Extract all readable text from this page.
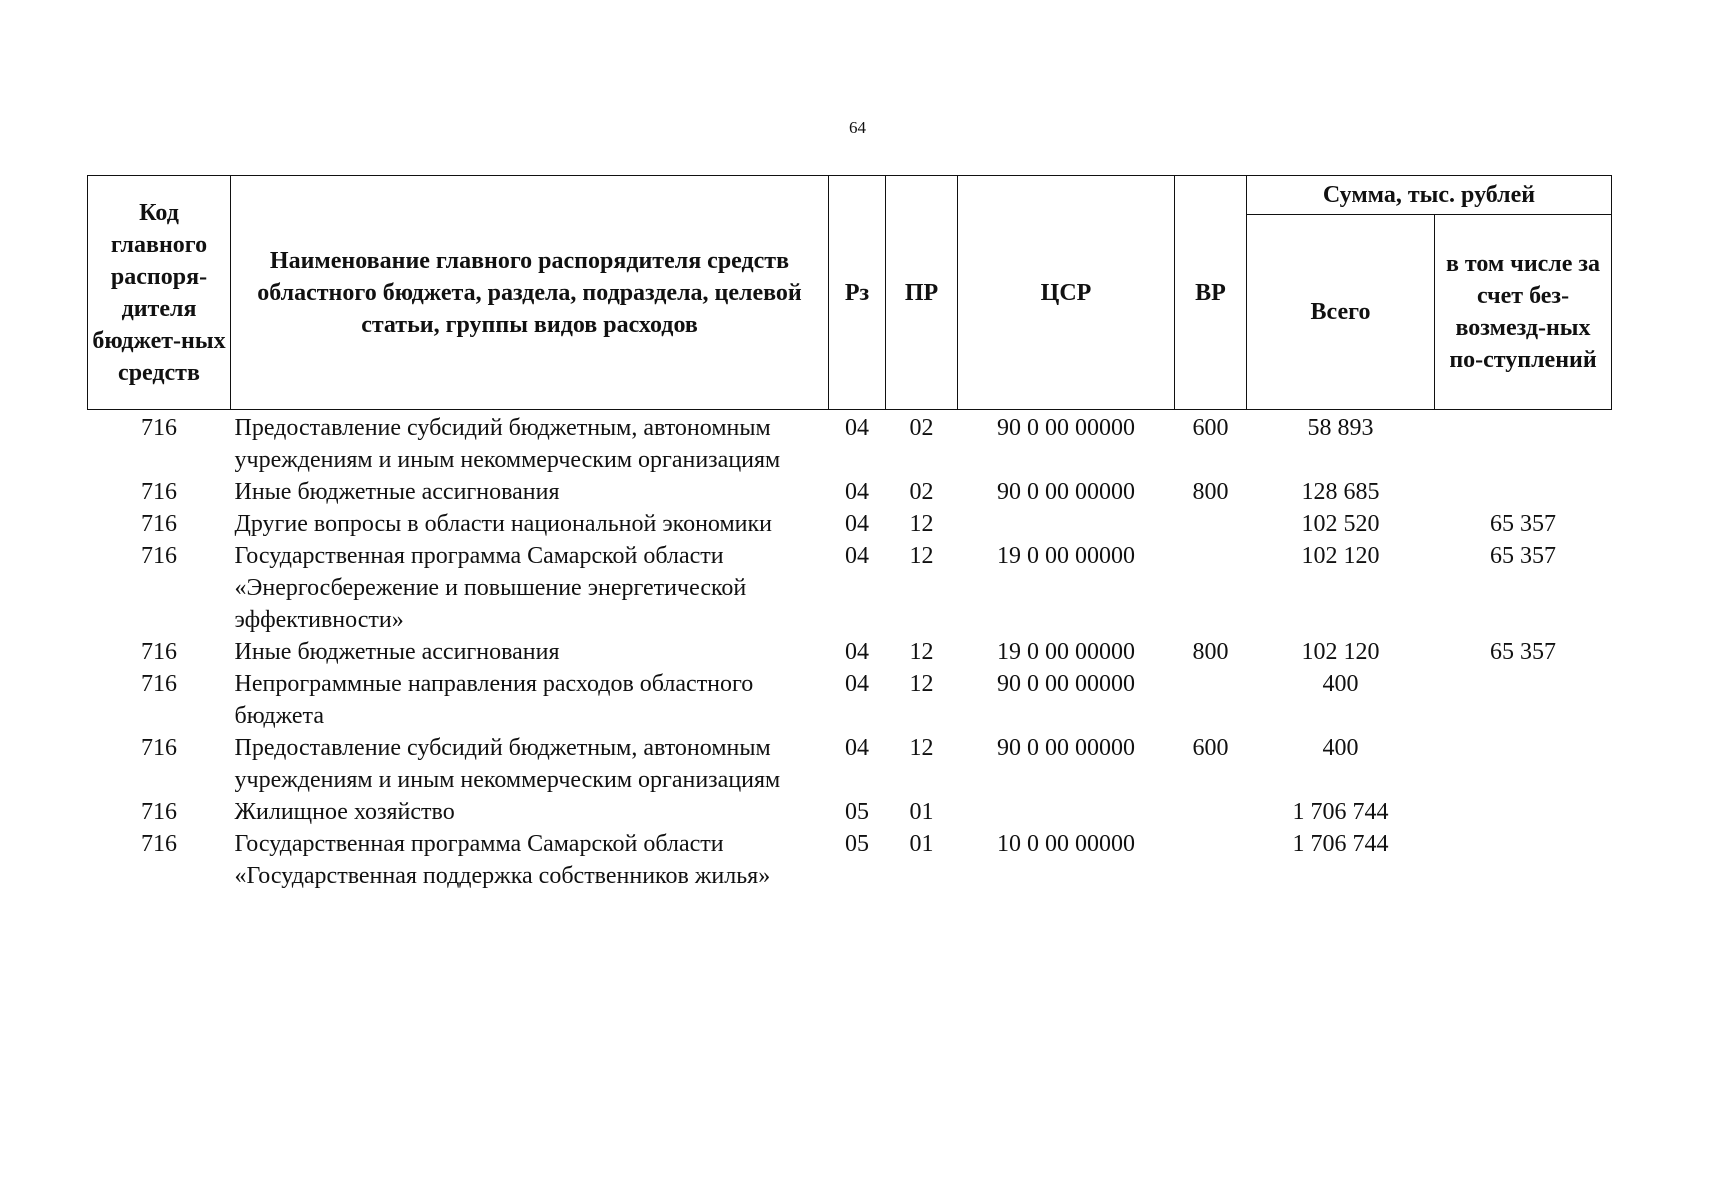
64
Код главного распоря-дителя бюджет-ных средств	Наименование главного распорядителя средств областного бюджета, раздела, подраздела, целевой статьи, группы видов расходов	Рз	ПР	ЦСР	ВР	Сумма, тыс. рублей	
						Всего	в том числе за счет без-возмезд-ных по-ступлений
716	Предоставление субсидий бюджетным, автономным учреждениям и иным некоммерческим организациям	04	02	90 0 00 00000	600	58 893	
716	Иные бюджетные ассигнования	04	02	90 0 00 00000	800	128 685	
716	Другие вопросы в области национальной экономики	04	12			102 520	65 357
716	Государственная программа Самарской области «Энергосбережение и повышение энергетической эффективности»	04	12	19 0 00 00000		102 120	65 357
716	Иные бюджетные ассигнования	04	12	19 0 00 00000	800	102 120	65 357
716	Непрограммные направления расходов областного бюджета	04	12	90 0 00 00000		400	
716	Предоставление субсидий бюджетным, автономным учреждениям и иным некоммерческим организациям	04	12	90 0 00 00000	600	400	
716	Жилищное хозяйство	05	01			1 706 744	
716	Государственная программа Самарской области «Государственная поддержка собственников жилья»	05	01	10 0 00 00000		1 706 744	
